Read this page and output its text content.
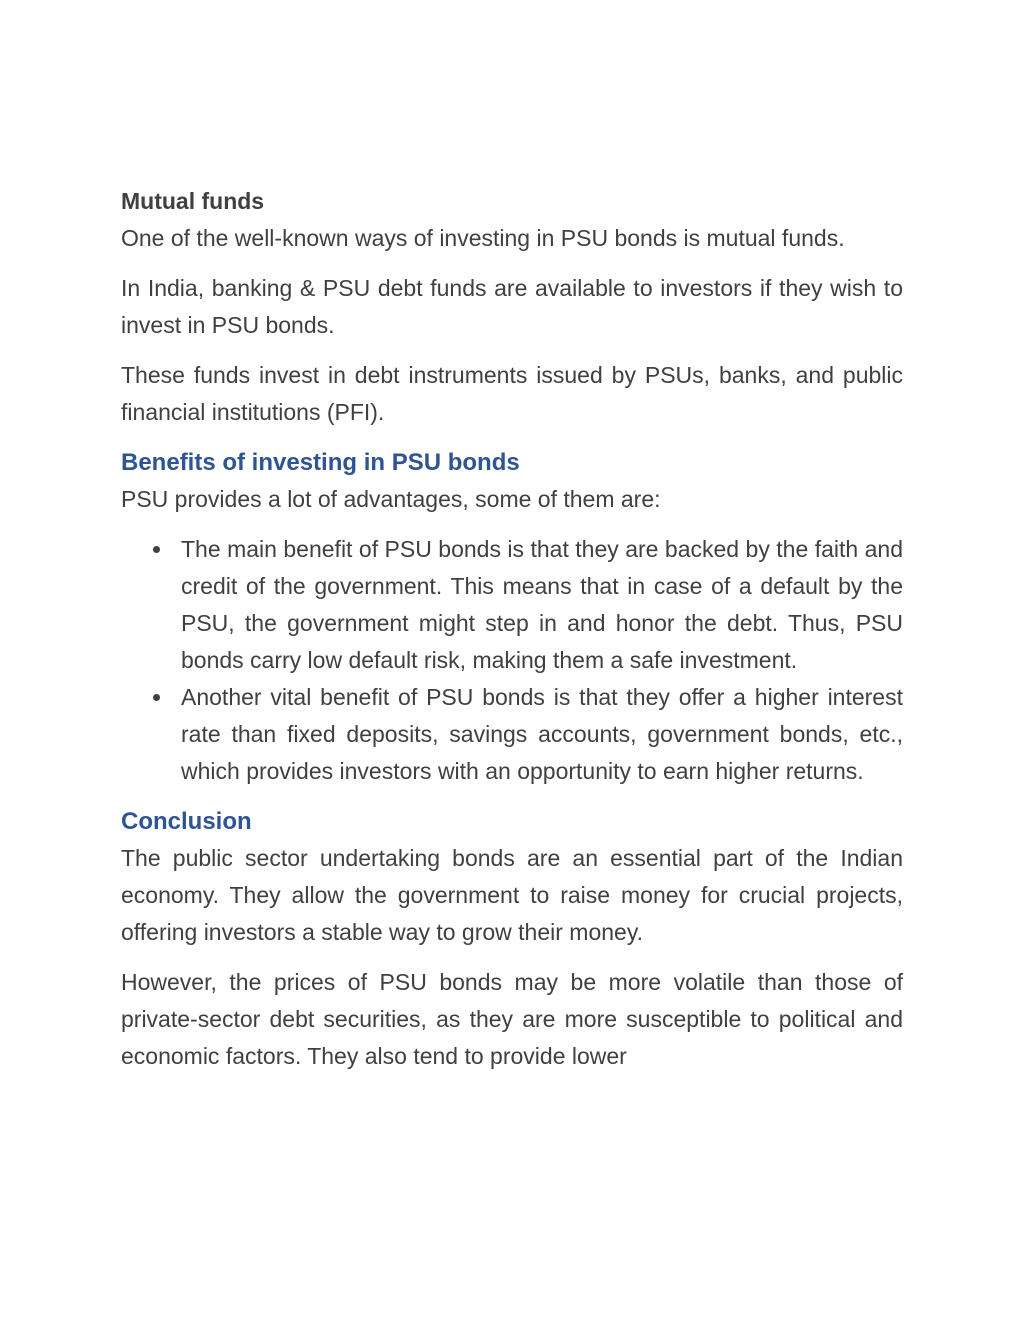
Mutual funds

One of the well-known ways of investing in PSU bonds is mutual funds.

In India, banking & PSU debt funds are available to investors if they wish to invest in PSU bonds.

These funds invest in debt instruments issued by PSUs, banks, and public financial institutions (PFI).

Benefits of investing in PSU bonds

PSU provides a lot of advantages, some of them are:

The main benefit of PSU bonds is that they are backed by the faith and credit of the government. This means that in case of a default by the PSU, the government might step in and honor the debt. Thus, PSU bonds carry low default risk, making them a safe investment.
Another vital benefit of PSU bonds is that they offer a higher interest rate than fixed deposits, savings accounts, government bonds, etc., which provides investors with an opportunity to earn higher returns.
Conclusion

The public sector undertaking bonds are an essential part of the Indian economy. They allow the government to raise money for crucial projects, offering investors a stable way to grow their money.

However, the prices of PSU bonds may be more volatile than those of private-sector debt securities, as they are more susceptible to political and economic factors. They also tend to provide lower
